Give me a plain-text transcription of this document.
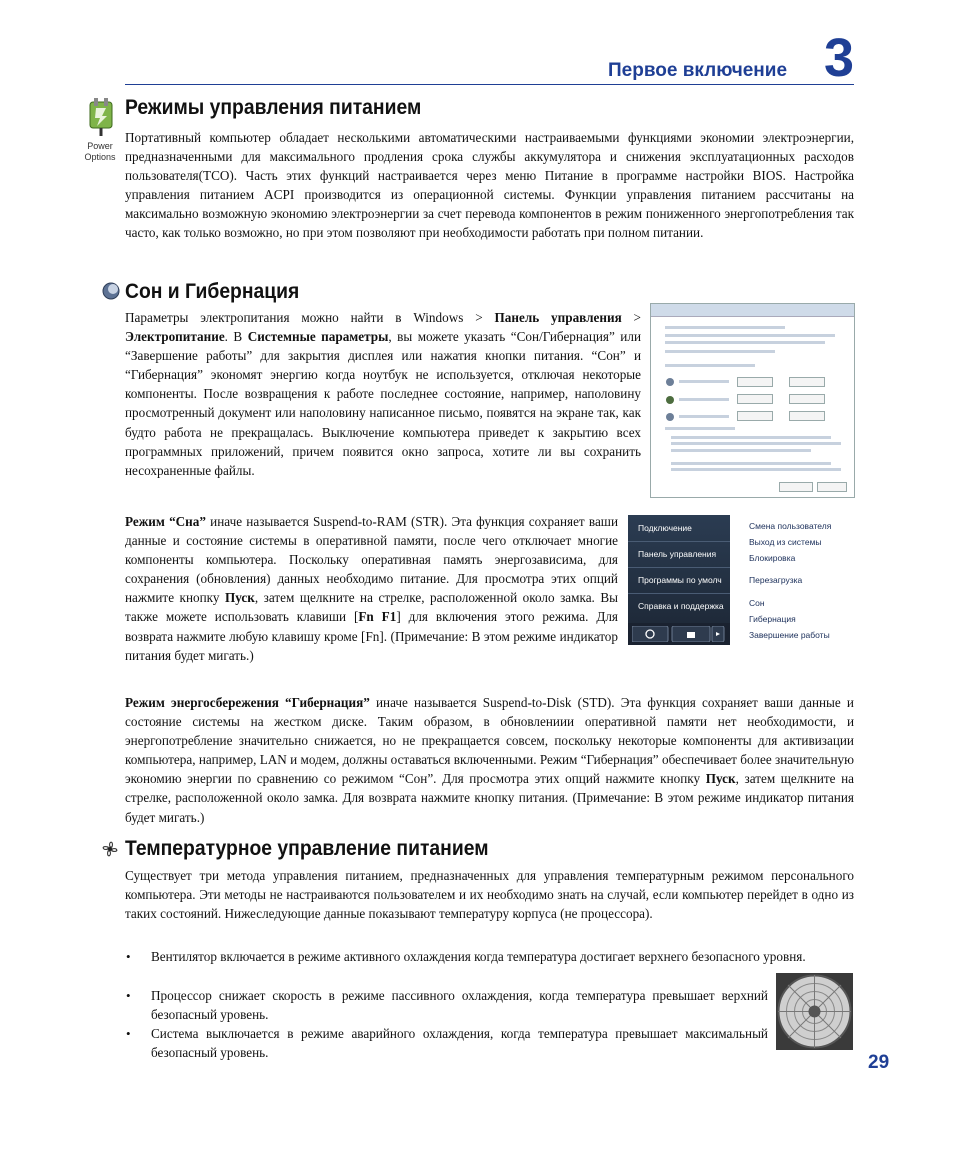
Первое включение 3
Power
Options
Режимы управления питанием

Портативный компьютер обладает несколькими автоматическими настраиваемыми функциями экономии электроэнергии, предназначенными для максимального продления срока службы аккумулятора и снижения эксплуатационных расходов пользователя(TCO). Часть этих функций настраивается через меню Питание в программе настройки BIOS. Настройка управления питанием ACPI производится из операционной системы. Функции управления питанием рассчитаны на максимально возможную экономию электроэнергии за счет перевода компонентов в режим пониженного энергопотребления так часто, как только возможно, но при этом позволяют при необходимости работать при полном питании.

Сон и Гибернация

Параметры электропитания можно найти в Windows > Панель управления > Электропитание. В Системные параметры, вы можете указать “Сон/Гибернация” или “Завершение работы” для закрытия дисплея или нажатия кнопки питания. “Сон” и “Гибернация” экономят энергию когда ноутбук не используется, отключая некоторые компоненты. После возвращения к работе последнее состояние, например, наполовину просмотренный документ или наполовину написанное письмо, появятся на экране так, как будто работа не прекращалась. Выключение компьютера приведет к закрытию всех программных приложений, причем появится окно запроса, хотите ли вы сохранить несохраненные файлы.

Режим “Сна” иначе называется Suspend-to-RAM (STR). Эта функция сохраняет ваши данные и состояние системы в оперативной памяти, после чего отключает многие компоненты компьютера. Поскольку оперативная память энергозависима, для сохранения (обновления) данных необходимо питание. Для просмотра этих опций нажмите кнопку Пуск, затем щелкните на стрелке, расположенной около замка. Вы также можете использовать клавиши [Fn F1] для включения этого режима. Для возврата нажмите любую клавишу кроме [Fn]. (Примечание: В этом режиме индикатор питания будет мигать.)

Подключение
Панель управления
Программы по умолч
Справка и поддержка
Смена пользователя
Выход из системы
Блокировка
Перезагрузка
Сон
Гибернация
Завершение работы

Режим энергосбережения “Гибернация” иначе называется Suspend-to-Disk (STD). Эта функция сохраняет ваши данные и состояние системы на жестком диске. Таким образом, в обновлениии оперативной памяти нет необходимости, и энергопотребление значительно снижается, но не прекращается совсем, поскольку некоторые компоненты для активизации компьютера, например, LAN и модем, должны оставаться включенными. Режим “Гибернация” обеспечивает более значительную экономию энергии по сравнению со режимом “Сон”. Для просмотра этих опций нажмите кнопку Пуск, затем щелкните на стрелке, расположенной около замка. Для возврата нажмите кнопку питания. (Примечание: В этом режиме индикатор питания будет мигать.)

Температурное управление питанием

Существует три метода управления питанием, предназначенных для управления температурным режимом персонального компьютера. Эти методы не настраиваются пользователем и их необходимо знать на случай, если компьютер перейдет в одно из таких состояний. Нижеследующие данные показывают температуру корпуса (не процессора).

• Вентилятор включается в режиме активного охлаждения когда температура достигает верхнего безопасного уровня.
• Процессор снижает скорость в режиме пассивного охлаждения, когда температура превышает верхний безопасный уровень.
• Система выключается в режиме аварийного охлаждения, когда температура превышает максимальный безопасный уровень.	29
